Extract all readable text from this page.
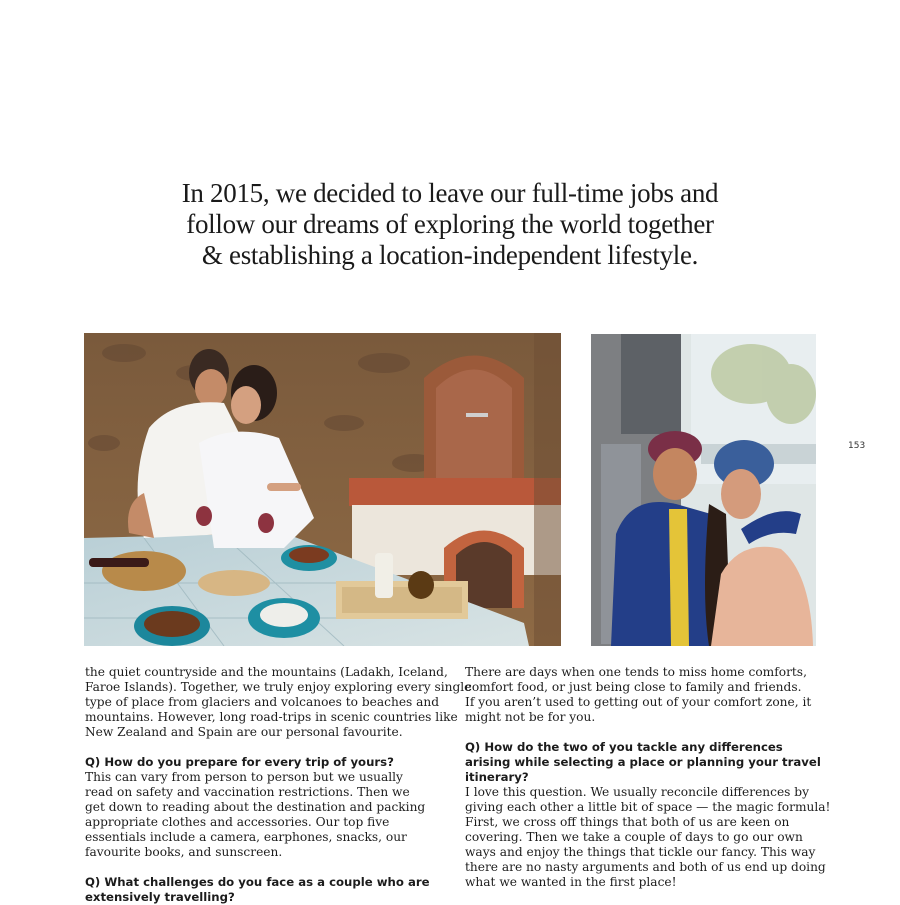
In 2015, we decided to leave our full-time jobs and
follow our dreams of exploring the world together
& establishing a location-independent lifestyle.
153

the quiet countryside and the mountains (Ladakh, Iceland,
Faroe Islands). Together, we truly enjoy exploring every single
type of place from glaciers and volcanoes to beaches and
mountains. However, long road-trips in scenic countries like
New Zealand and Spain are our personal favourite.

Q) How do you prepare for every trip of yours?

This can vary from person to person but we usually
read on safety and vaccination restrictions. Then we
get down to reading about the destination and packing
appropriate clothes and accessories. Our top five
essentials include a camera, earphones, snacks, our
favourite books, and sunscreen.

Q) What challenges do you face as a couple who are
extensively travelling?

There are days when one tends to miss home comforts,
comfort food, or just being close to family and friends.
If you aren’t used to getting out of your comfort zone, it
might not be for you.

Q) How do the two of you tackle any differences
arising while selecting a place or planning your travel
itinerary?

I love this question. We usually reconcile differences by
giving each other a little bit of space — the magic formula!
First, we cross off things that both of us are keen on
covering. Then we take a couple of days to go our own
ways and enjoy the things that tickle our fancy. This way
there are no nasty arguments and both of us end up doing
what we wanted in the first place!
